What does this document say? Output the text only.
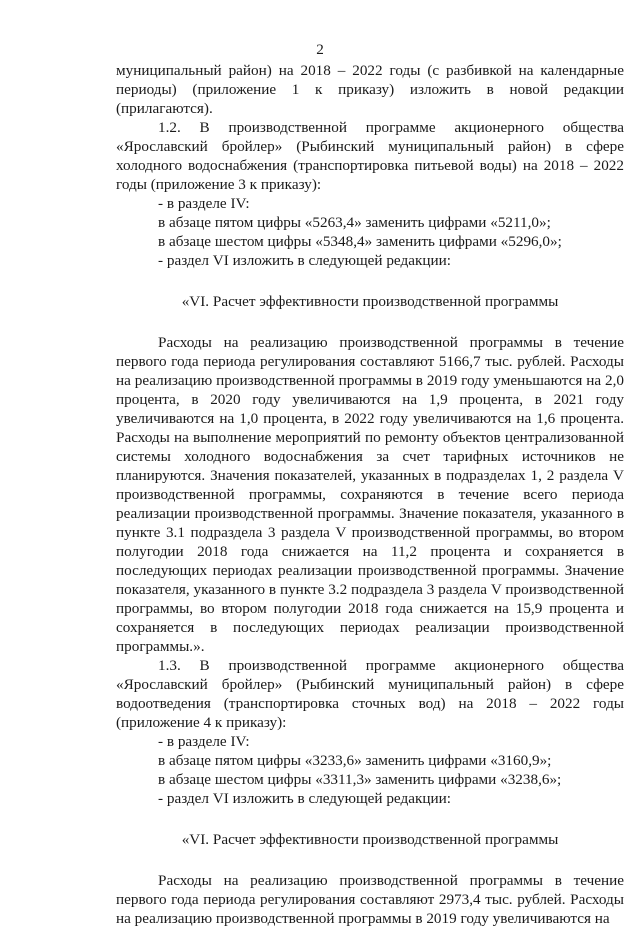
2

муниципальный район) на 2018 – 2022 годы (с разбивкой на календарные периоды) (приложение 1 к приказу) изложить в новой редакции (прилагаются).

1.2. В производственной программе акционерного общества «Ярославский бройлер» (Рыбинский муниципальный район) в сфере холодного водоснабжения (транспортировка питьевой воды) на 2018 – 2022 годы (приложение 3 к приказу):

- в разделе IV:

в абзаце пятом цифры «5263,4» заменить цифрами «5211,0»;

в абзаце шестом цифры «5348,4» заменить цифрами «5296,0»;

- раздел VI изложить в следующей редакции:

«VI. Расчет эффективности производственной программы

Расходы на реализацию производственной программы в течение первого года периода регулирования составляют 5166,7 тыс. рублей. Расходы на реализацию производственной программы в 2019 году уменьшаются на 2,0 процента, в 2020 году увеличиваются на 1,9 процента, в 2021 году увеличиваются на 1,0 процента, в 2022 году увеличиваются на 1,6 процента. Расходы на выполнение мероприятий по ремонту объектов централизованной системы холодного водоснабжения за счет тарифных источников не планируются. Значения показателей, указанных в подразделах 1, 2 раздела V производственной программы, сохраняются в течение всего периода реализации производственной программы. Значение показателя, указанного в пункте 3.1 подраздела 3 раздела V производственной программы, во втором полугодии 2018 года снижается на 11,2 процента и сохраняется в последующих периодах реализации производственной программы. Значение показателя, указанного в пункте 3.2 подраздела 3 раздела V производственной программы, во втором полугодии 2018 года снижается на 15,9 процента и сохраняется в последующих периодах реализации производственной программы.».

1.3. В производственной программе акционерного общества «Ярославский бройлер» (Рыбинский муниципальный район) в сфере водоотведения (транспортировка сточных вод) на 2018 – 2022 годы (приложение 4 к приказу):

- в разделе IV:

в абзаце пятом цифры «3233,6» заменить цифрами «3160,9»;

в абзаце шестом цифры «3311,3» заменить цифрами «3238,6»;

- раздел VI изложить в следующей редакции:

«VI. Расчет эффективности производственной программы

Расходы на реализацию производственной программы в течение первого года периода регулирования составляют 2973,4 тыс. рублей. Расходы на реализацию производственной программы в 2019 году увеличиваются на
